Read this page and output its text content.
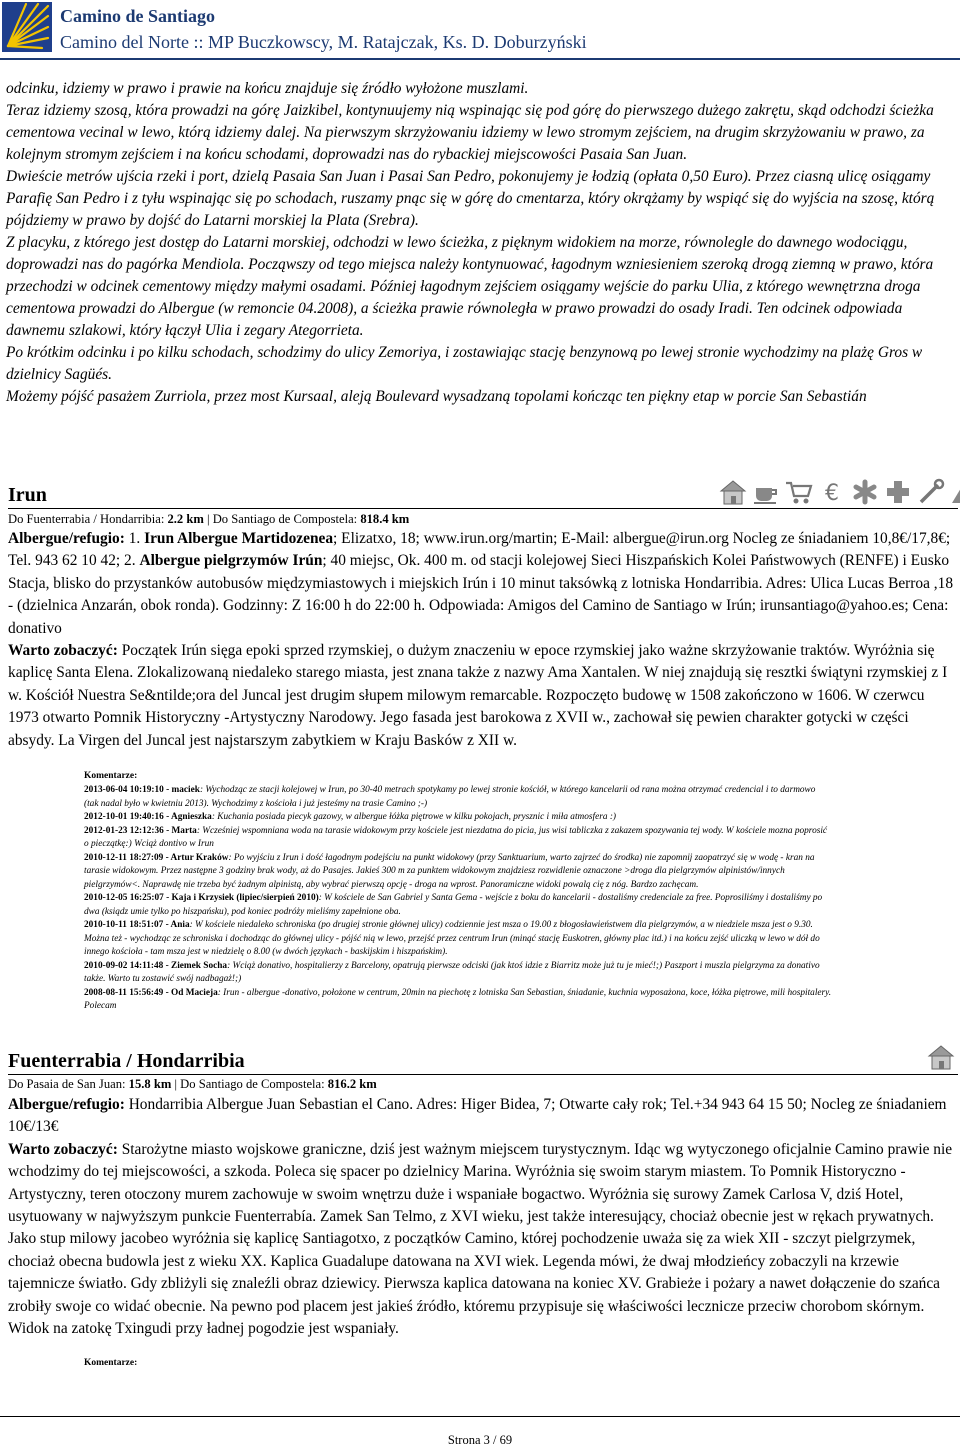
Camino de Santiago
Camino del Norte :: MP Buczkowscy, M. Ratajczak, Ks. D. Doburzyński

odcinku, idziemy w prawo i prawie na końcu znajduje się źródło wyłożone muszlami.

Teraz idziemy szosą, która prowadzi na górę Jaizkibel, kontynuujemy nią wspinając się pod górę do pierwszego dużego zakrętu, skąd odchodzi ścieżka cementowa vecinal w lewo, którą idziemy dalej. Na pierwszym skrzyżowaniu idziemy w lewo stromym zejściem, na drugim skrzyżowaniu w prawo, za kolejnym stromym zejściem i na końcu schodami, doprowadzi nas do rybackiej miejscowości Pasaia San Juan.

Dwieście metrów ujścia rzeki i port, dzielą Pasaia San Juan i Pasai San Pedro, pokonujemy je łodzią (opłata 0,50 Euro). Przez ciasną ulicę osiągamy Parafię San Pedro i z tyłu wspinając się po schodach, ruszamy pnąc się w górę do cmentarza, który okrążamy by wspiąć się do wyjścia na szosę, którą pójdziemy w prawo by dojść do Latarni morskiej la Plata (Srebra).

Z placyku, z którego jest dostęp do Latarni morskiej, odchodzi w lewo ścieżka, z pięknym widokiem na morze, równolegle do dawnego wodociągu, doprowadzi nas do pagórka Mendiola. Począwszy od tego miejsca należy kontynuować, łagodnym wzniesieniem szeroką drogą ziemną w prawo, która przechodzi w odcinek cementowy między małymi osadami. Później łagodnym zejściem osiągamy wejście do parku Ulia, z którego wewnętrzna droga cementowa prowadzi do Albergue (w remoncie 04.2008), a ścieżka prawie równoległa w prawo prowadzi do osady Iradi. Ten odcinek odpowiada dawnemu szlakowi, który łączył Ulia i zegary Ategorrieta.

Po krótkim odcinku i po kilku schodach, schodzimy do ulicy Zemoriya, i zostawiając stację benzynową po lewej stronie wychodzimy na plażę Gros w dzielnicy Sagüés.

Możemy pójść pasażem Zurriola, przez most Kursaal, aleją Boulevard wysadzaną topolami kończąc ten piękny etap w porcie San Sebastián

Irun	€
Do Fuenterrabia / Hondarribia: 2.2 km | Do Santiago de Compostela: 818.4 km

Albergue/refugio: 1. Irun Albergue Martidozenea; Elizatxo, 18; www.irun.org/martin; E-Mail: albergue@irun.org Nocleg ze śniadaniem 10,8€/17,8€; Tel. 943 62 10 42; 2. Albergue pielgrzymów Irún; 40 miejsc, Ok. 400 m. od stacji kolejowej Sieci Hiszpańskich Kolei Państwowych (RENFE) i Eusko Stacja, blisko do przystanków autobusów międzymiastowych i miejskich Irún i 10 minut taksówką z lotniska Hondarribia. Adres: Ulica Lucas Berroa ,18 - (dzielnica Anzarán, obok ronda). Godzinny: Z 16:00 h do 22:00 h. Odpowiada: Amigos del Camino de Santiago w Irún; irunsantiago@yahoo.es; Cena: donativo

Warto zobaczyć: Początek Irún sięga epoki sprzed rzymskiej, o dużym znaczeniu w epoce rzymskiej jako ważne skrzyżowanie traktów. Wyróżnia się kaplicę Santa Elena. Zlokalizowaną niedaleko starego miasta, jest znana także z nazwy Ama Xantalen. W niej znajdują się resztki świątyni rzymskiej z I w. Kościół Nuestra Se&ntilde;ora del Juncal jest drugim słupem milowym remarcable. Rozpoczęto budowę w 1508 zakończono w 1606. W czerwcu 1973 otwarto Pomnik Historyczny -Artystyczny Narodowy. Jego fasada jest barokowa z XVII w., zachował się pewien charakter gotycki w części absydy. La Virgen del Juncal jest najstarszym zabytkiem w Kraju Basków z XII w.

Komentarze:

2013-06-04 10:19:10 - maciek: Wychodząc ze stacji kolejowej w Irun, po 30-40 metrach spotykamy po lewej stronie kościół, w którego kancelarii od rana można otrzymać credencial i to darmowo (tak nadal było w kwietniu 2013). Wychodzimy z kościoła i już jesteśmy na trasie Camino ;-)

2012-10-01 19:40:16 - Agnieszka: Kuchania posiada piecyk gazowy, w albergue łóżka piętrowe w kilku pokojach, prysznic i miła atmosfera :)

2012-01-23 12:12:36 - Marta: Wcześniej wspomniana woda na tarasie widokowym przy kościele jest niezdatna do picia, jus wisi tabliczka z zakazem spozywania tej wody. W kościele mozna poprosić o pieczątkę:) Wciąż dontivo w Irun

2010-12-11 18:27:09 - Artur Kraków: Po wyjściu z Irun i dość łagodnym podejściu na punkt widokowy (przy Sanktuarium, warto zajrzeć do środka) nie zapomnij zaopatrzyć się w wodę - kran na tarasie widokowym. Przez następne 3 godziny brak wody, aż do Pasajes. Jakieś 300 m za punktem widokowym znajdziesz rozwidlenie oznaczone >droga dla pielgrzymów alpinistów/innych pielgrzymów<. Naprawdę nie trzeba być żadnym alpinistą, aby wybrać pierwszą opcję - droga na wprost. Panoramiczne widoki powalą cię z nóg. Bardzo zachęcam.

2010-12-05 16:25:07 - Kaja i Krzysiek (lipiec/sierpień 2010): W kościele de San Gabriel y Santa Gema - wejście z boku do kancelarii - dostaliśmy credenciale za free. Poprosiliśmy i dostaliśmy po dwa (ksiądz umie tylko po hiszpańsku), pod koniec podróży mieliśmy zapełnione oba.

2010-10-11 18:51:07 - Ania: W kościele niedaleko schroniska (po drugiej stronie głównej ulicy) codziennie jest msza o 19.00 z błogosławieństwem dla pielgrzymów, a w niedziele msza jest o 9.30. Można też - wychodząc ze schroniska i dochodząc do głównej ulicy - pójść nią w lewo, przejść przez centrum Irun (minąć stację Euskotren, główny plac itd.) i na końcu zejść uliczką w lewo w dół do innego kościoła - tam msza jest w niedzielę o 8.00 (w dwóch językach - baskijskim i hiszpańskim).

2010-09-02 14:11:48 - Ziemek Socha: Wciąż donativo, hospitalierzy z Barcelony, opatrują pierwsze odciski (jak ktoś idzie z Biarritz może już tu je mieć!;) Paszport i muszla pielgrzyma za donativo także. Warto tu zostawić swój nadbagaż!;)

2008-08-11 15:56:49 - Od Macieja: Irun - albergue -donativo, położone w centrum, 20min na piechotę z lotniska San Sebastian, śniadanie, kuchnia wyposażona, koce, łóżka piętrowe, mili hospitalery. Polecam

Fuenterrabia / Hondarribia
Do Pasaia de San Juan: 15.8 km | Do Santiago de Compostela: 816.2 km

Albergue/refugio: Hondarribia Albergue Juan Sebastian el Cano. Adres: Higer Bidea, 7; Otwarte cały rok; Tel.+34 943 64 15 50; Nocleg ze śniadaniem 10€/13€

Warto zobaczyć: Starożytne miasto wojskowe graniczne, dziś jest ważnym miejscem turystycznym. Idąc wg wytyczonego oficjalnie Camino prawie nie wchodzimy do tej miejscowości, a szkoda. Poleca się spacer po dzielnicy Marina. Wyróżnia się swoim starym miastem. To Pomnik Historyczno -Artystyczny, teren otoczony murem zachowuje w swoim wnętrzu duże i wspaniałe bogactwo. Wyróżnia się surowy Zamek Carlosa V, dziś Hotel, usytuowany w najwyższym punkcie Fuenterrabía. Zamek San Telmo, z XVI wieku, jest także interesujący, chociaż obecnie jest w rękach prywatnych. Jako stup milowy jacobeo wyróżnia się kaplicę Santiagotxo, z początków Camino, której pochodzenie uważa się za wiek XII - szczyt pielgrzymek, chociaż obecna budowla jest z wieku XX. Kaplica Guadalupe datowana na XVI wiek. Legenda mówi, że dwaj młodzieńcy zobaczyli na krzewie tajemnicze światło. Gdy zbliżyli się znaleźli obraz dziewicy. Pierwsza kaplica datowana na koniec XV. Grabieże i pożary a nawet dołączenie do szańca zrobiły swoje co widać obecnie. Na pewno pod placem jest jakieś źródło, któremu przypisuje się właściwości lecznicze przeciw chorobom skórnym. Widok na zatokę Txingudi przy ładnej pogodzie jest wspaniały.

Komentarze:
Strona 3 / 69
